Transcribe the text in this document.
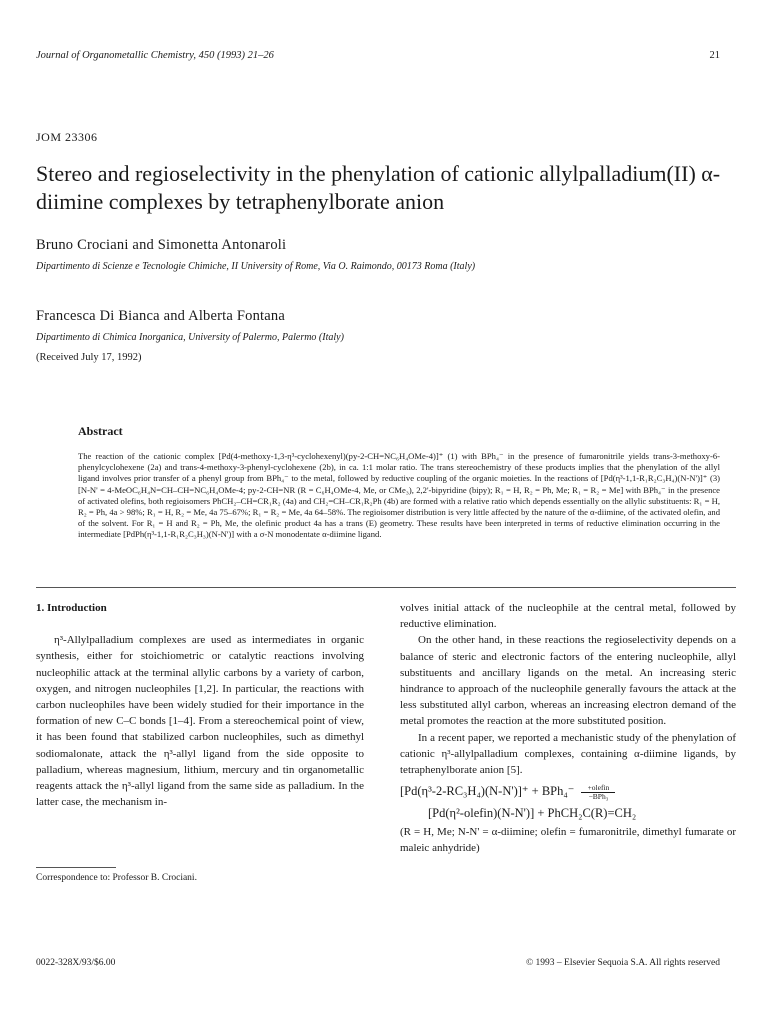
Journal of Organometallic Chemistry, 450 (1993) 21–26	21
JOM 23306
Stereo and regioselectivity in the phenylation of cationic allylpalladium(II) α-diimine complexes by tetraphenylborate anion
Bruno Crociani and Simonetta Antonaroli
Dipartimento di Scienze e Tecnologie Chimiche, II University of Rome, Via O. Raimondo, 00173 Roma (Italy)
Francesca Di Bianca and Alberta Fontana
Dipartimento di Chimica Inorganica, University of Palermo, Palermo (Italy)
(Received July 17, 1992)
Abstract

The reaction of the cationic complex [Pd(4-methoxy-1,3-η³-cyclohexenyl)(py-2-CH=NC₆H₄OMe-4)]⁺ (1) with BPh₄⁻ in the presence of fumaronitrile yields trans-3-methoxy-6-phenylcyclohexene (2a) and trans-4-methoxy-3-phenyl-cyclohexene (2b), in ca. 1:1 molar ratio. The trans stereochemistry of these products implies that the phenylation of the allyl ligand involves prior transfer of a phenyl group from BPh₄⁻ to the metal, followed by reductive coupling of the organic moieties. In the reactions of [Pd(η³-1,1-R₁R₂C₃H₄)(N-N')]⁺ (3) [N-N' = 4-MeOC₆H₄N=CH–CH=NC₆H₄OMe-4; py-2-CH=NR (R = C₆H₄OMe-4, Me, or CMe₃), 2,2'-bipyridine (bipy); R₁ = H, R₂ = Ph, Me; R₁ = R₂ = Me] with BPh₄⁻ in the presence of activated olefins, both regioisomers PhCH₂–CH=CR₁R₂ (4a) and CH₂=CH–CR₁R₂Ph (4b) are formed with a relative ratio which depends essentially on the allylic substituents: R₁ = H, R₂ = Ph, 4a > 98%; R₁ = H, R₂ = Me, 4a 75–67%; R₁ = R₂ = Me, 4a 64–58%. The regioisomer distribution is very little affected by the nature of the α-diimine, of the activated olefin, and of the solvent. For R₁ = H and R₂ = Ph, Me, the olefinic product 4a has a trans (E) geometry. These results have been interpreted in terms of reductive elimination occurring in the intermediate [PdPh(η³-1,1-R₁R₂C₃H₃)(N-N')] with a σ-N monodentate α-diimine ligand.

1. Introduction

η³-Allylpalladium complexes are used as intermediates in organic synthesis, either for stoichiometric or catalytic reactions involving nucleophilic attack at the terminal allylic carbons by a variety of carbon, oxygen, and nitrogen nucleophiles [1,2]. In particular, the reactions with carbon nucleophiles have been widely studied for their importance in the formation of new C–C bonds [1–4]. From a stereochemical point of view, it has been found that stabilized carbon nucleophiles, such as dimethyl sodiomalonate, attack the η³-allyl ligand from the side opposite to palladium, whereas magnesium, lithium, mercury and tin organometallic reagents attack the η³-allyl ligand from the same side as palladium. In the latter case, the mechanism in-

volves initial attack of the nucleophile at the central metal, followed by reductive elimination.

On the other hand, in these reactions the regioselectivity depends on a balance of steric and electronic factors of the entering nucleophile, allyl substituents and ancillary ligands on the metal. An increasing steric hindrance to approach of the nucleophile generally favours the attack at the less substituted allyl carbon, whereas an increasing electron demand of the metal promotes the reaction at the more substituted position.

In a recent paper, we reported a mechanistic study of the phenylation of cationic η³-allylpalladium complexes, containing α-diimine ligands, by tetraphenylborate anion [5].

[Pd(η³-2-RC₃H₄)(N-N')]⁺ + BPh₄⁻ +olefin
−BPh₃
[Pd(η²-olefin)(N-N')] + PhCH₂C(R)=CH₂

(R = H, Me; N-N' = α-diimine; olefin = fumaronitrile, dimethyl fumarate or maleic anhydride)

Correspondence to: Professor B. Crociani.
0022-328X/93/$6.00	© 1993 – Elsevier Sequoia S.A. All rights reserved
